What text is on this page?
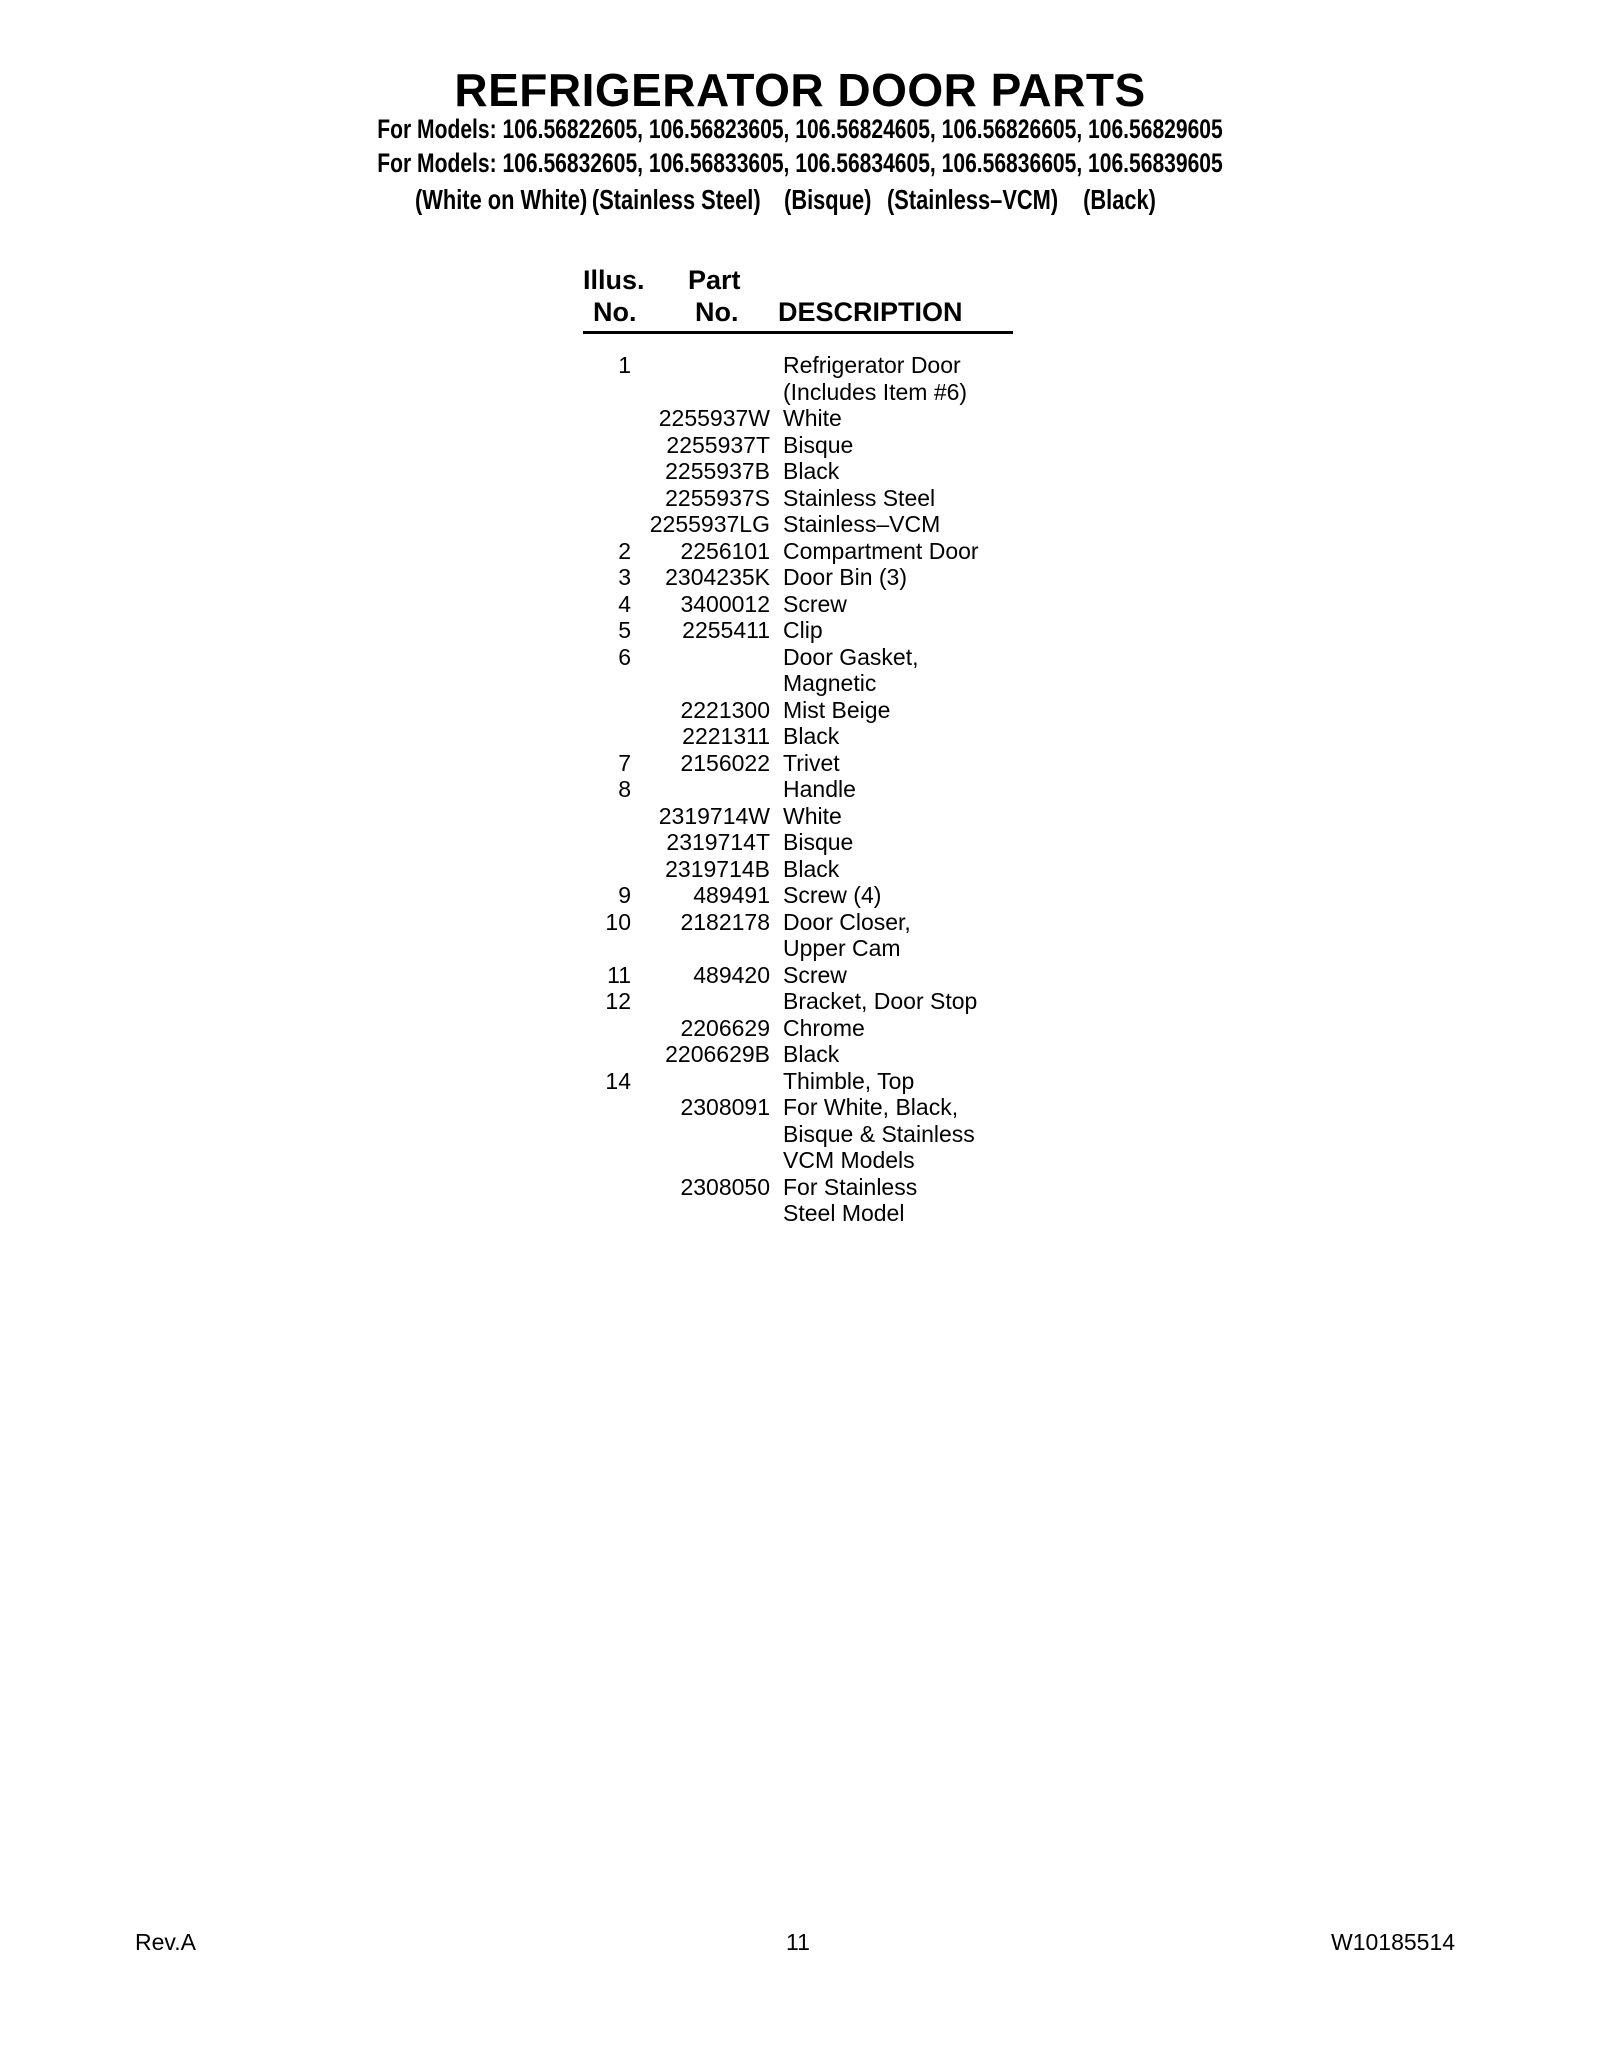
REFRIGERATOR DOOR PARTS
For Models: 106.56822605, 106.56823605, 106.56824605, 106.56826605, 106.56829605
For Models: 106.56832605, 106.56833605, 106.56834605, 106.56836605, 106.56839605
(White on White) (Stainless Steel) (Bisque) (Stainless–VCM) (Black)
Illus.
No.
Part
No. DESCRIPTION
1	Refrigerator Door
(Includes Item #6)
2255937W White
2255937T Bisque
2255937B Black
2255937S Stainless Steel
2255937LG Stainless–VCM
2	2256101 Compartment Door
3	2304235K Door Bin (3)
4	3400012 Screw
5	2255411 Clip
6	Door Gasket,
Magnetic
2221300 Mist Beige
2221311 Black
7	2156022 Trivet
8	Handle
2319714W White
2319714T Bisque
2319714B Black
9	489491 Screw (4)
10	2182178 Door Closer,
Upper Cam
11	489420 Screw
12	Bracket, Door Stop
2206629 Chrome
2206629B Black
14	Thimble, Top
2308091 For White, Black,
Bisque & Stainless
VCM Models
2308050 For Stainless
Steel Model
Rev.A	11	W10185514
